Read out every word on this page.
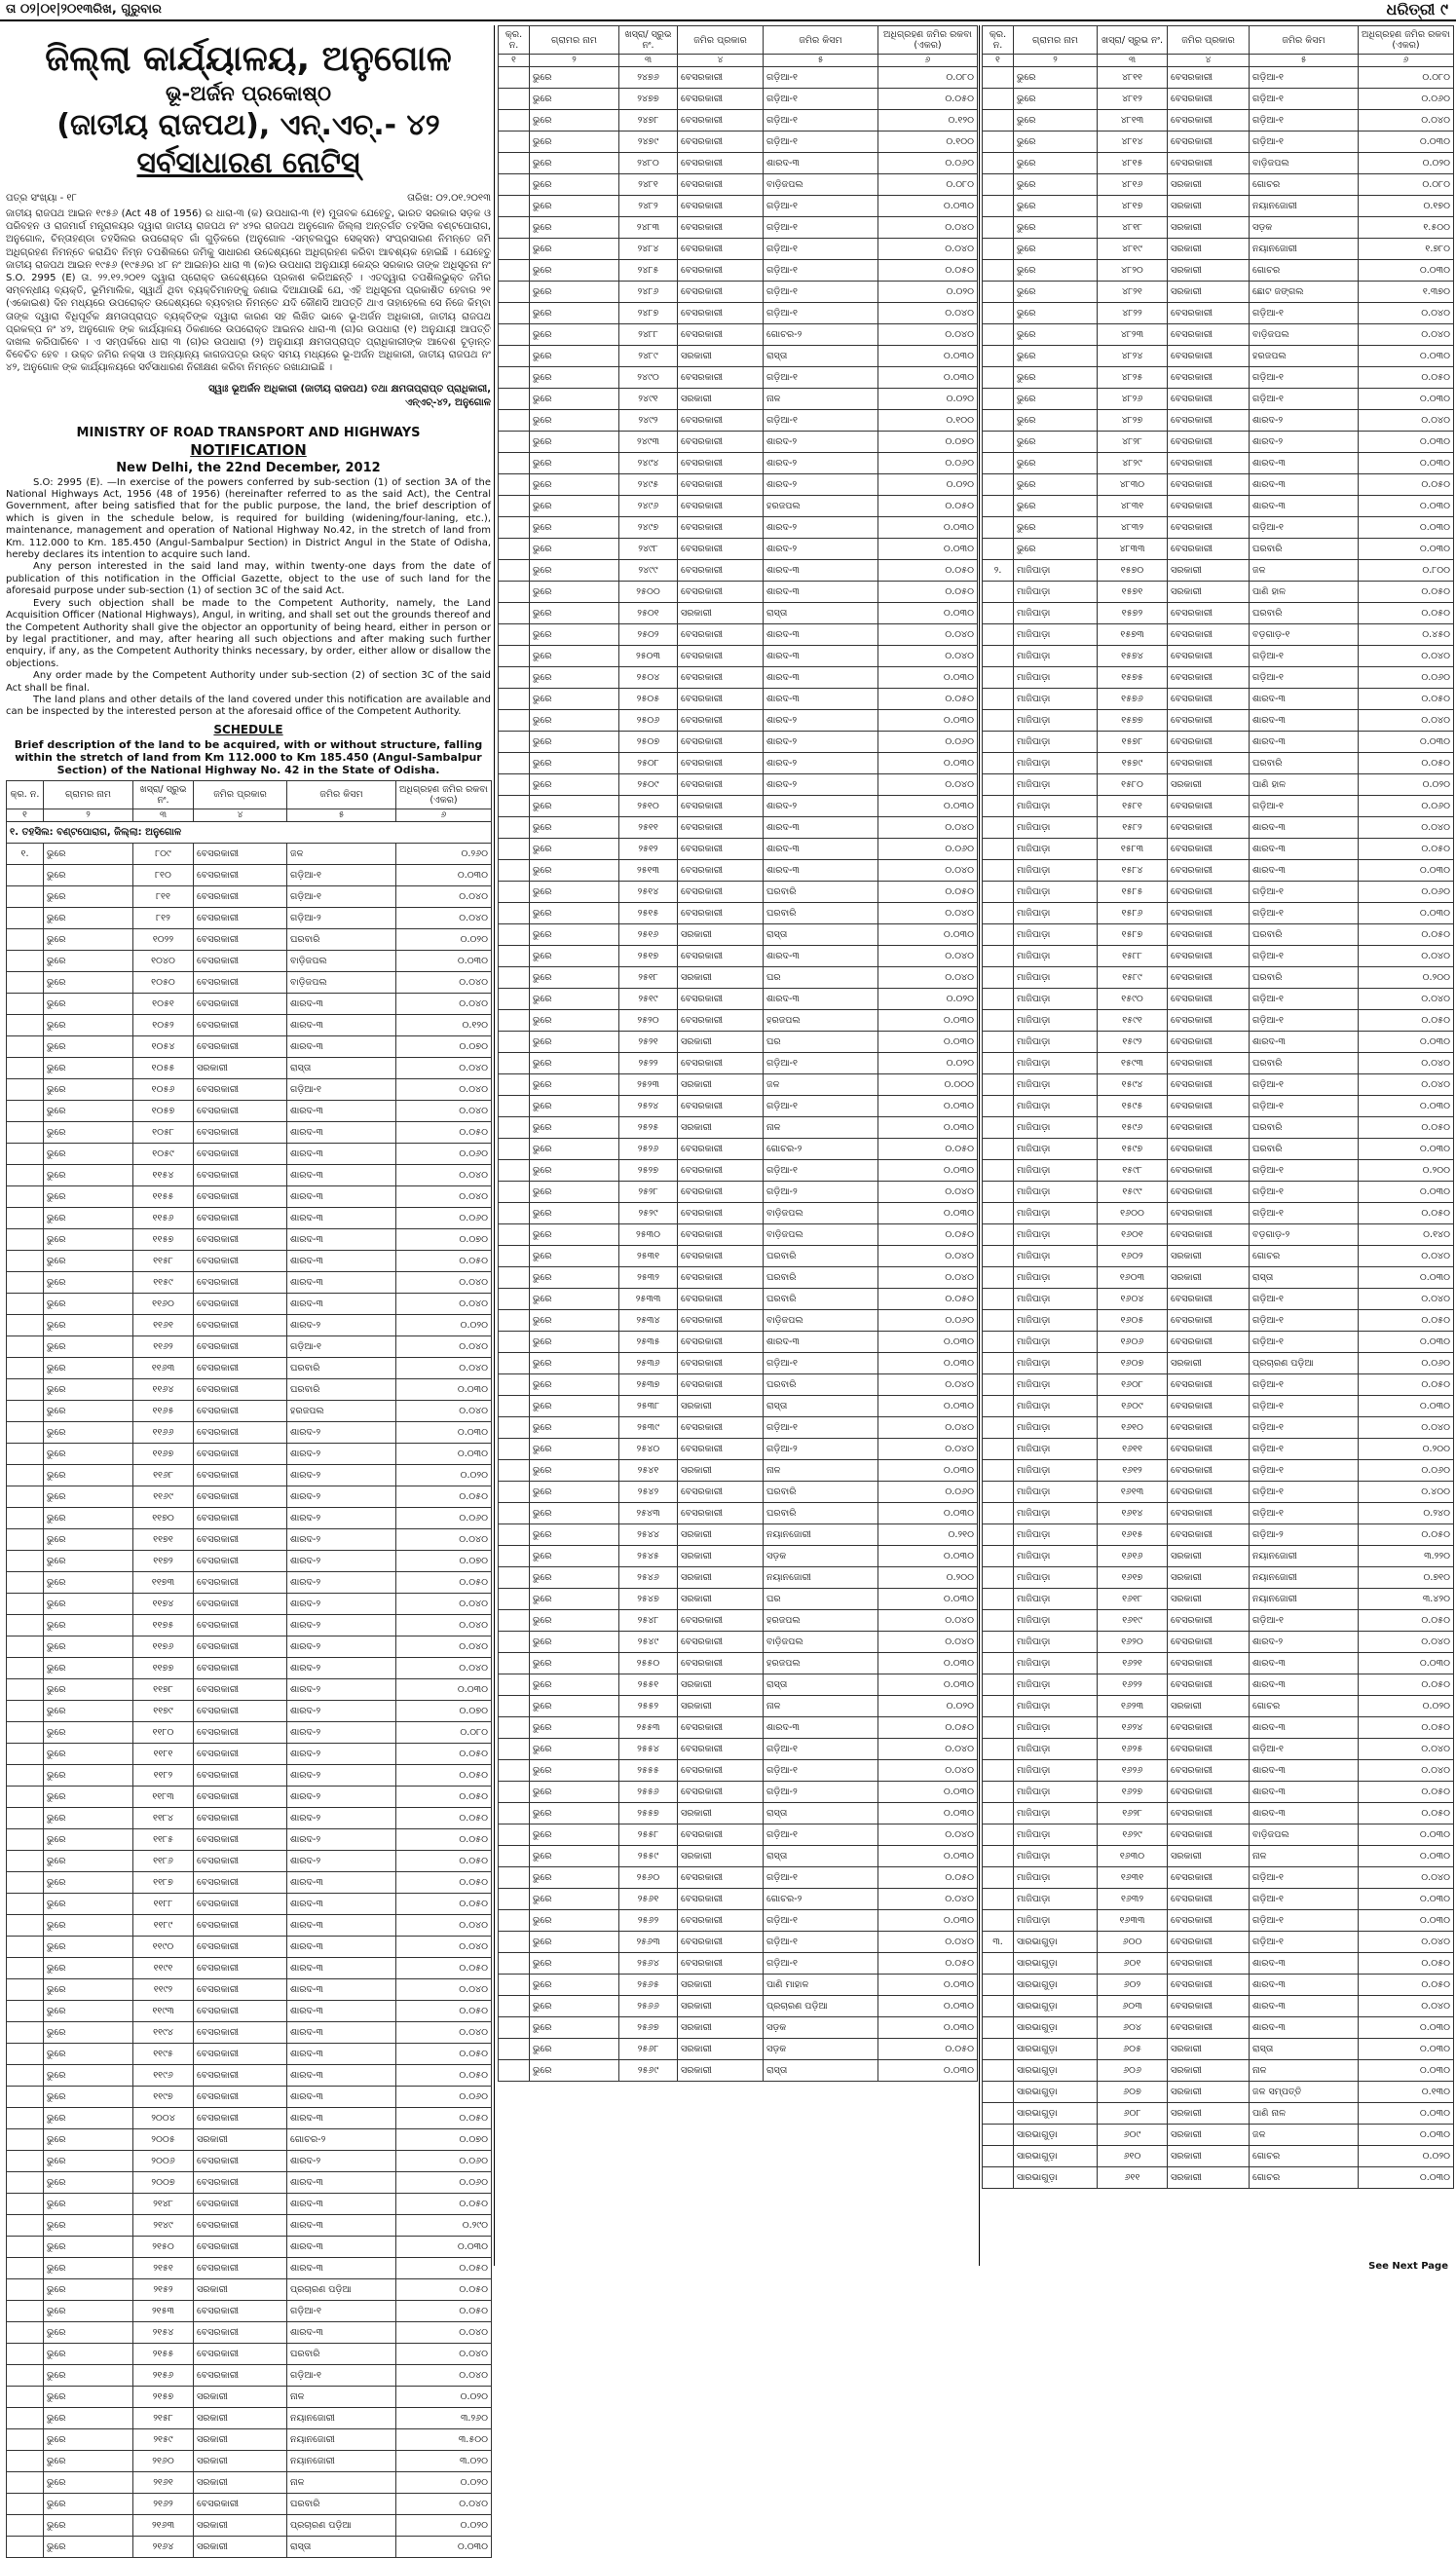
ତା ୦୨|୦୧|୨୦୧୩ରିଖ, ଗୁରୁବାର	ଧରିତ୍ରୀ ୯
ଜିଲ୍ଲା କାର୍ଯ୍ୟାଳୟ, ଅନୁଗୋଳ
ଭୂ-ଅର୍ଜନ ପ୍ରକୋଷ୍ଠ
(ଜାତୀୟ ରାଜପଥ), ଏନ୍.ଏଚ୍.- ୪୨
ସର୍ବସାଧାରଣ ନୋଟିସ୍
ପତ୍ର ସଂଖ୍ୟା - ୧୮	ତାରିଖ: ୦୨.୦୧.୨୦୧୩
ଜାତୀୟ ରାଜପଥ ଆଇନ ୧୯୫୬ (Act 48 of 1956) ର ଧାରା-୩ (କ) ଉପଧାରା-୩ (୧) ମୁତାବକ ଯେହେତୁ, ଭାରତ ସରକାର ସଡ଼କ ଓ ପରିବହନ ଓ ରାଜମାର୍ଗ ମନ୍ତ୍ରାଳୟର ଦ୍ୱାରା ଜାତୀୟ ରାଜପଥ ନଂ ୪୨ର ରାଜପଥ ଅନୁଗୋଳ ଜିଲ୍ଲା ଅନ୍ତର୍ଗତ ତହସିଲ ବଣ୍ଟପୋରାଗ, ଅନୁଗୋଳ, ଚିନ୍ତାହଣ୍ଡା ତହସିଲର ଉପରୋକ୍ତ ଗାଁ ଗୁଡ଼ିକରେ (ଅନୁଗୋଳ -ସମ୍ବଲପୁର ସେକ୍ସନ) ସଂପ୍ରସାରଣ ନିମନ୍ତେ ଜମି ଅଧିଗ୍ରହଣ ନିମନ୍ତେ କରାଯିବ ନିମ୍ନ ତପଶିଲରେ ଜମିକୁ ସାଧାରଣ ଉଦ୍ଦେଶ୍ୟରେ ଅଧିଗ୍ରହଣ କରିବା ଆବଶ୍ୟକ ହୋଇଛି । ଯେହେତୁ ଜାତୀୟ ରାଜପଥ ଆଇନ ୧୯୫୬ (୧୯୫୬ର ୪୮ ନଂ ଆଇନ)ର ଧାରା ୩ (କ)ର ଉପଧାରା ଅନୁଯାୟୀ କେନ୍ଦ୍ର ସରକାର ତାଙ୍କ ଅଧିସୂଚନା ନଂ S.O. 2995 (E) ତା. ୨୨.୧୨.୨୦୧୨ ଦ୍ୱାରା ପ୍ରୋକ୍ତ ଉଦ୍ଦେଶ୍ୟରେ ପ୍ରକାଶ କରିଅଛନ୍ତି । ଏତଦ୍ୱାରା ତପଶିଲଭୁକ୍ତ ଜମିର ସମ୍ବନ୍ଧୀୟ ବ୍ୟକ୍ତି, ଭୂମିମାଲିକ, ସ୍ୱାର୍ଥ ଥିବା ବ୍ୟକ୍ତିମାନଙ୍କୁ ଜଣାଇ ଦିଆଯାଉଛି ଯେ, ଏହି ଅଧିସୂଚନା ପ୍ରକାଶିତ ହେବାର ୨୧ (ଏକୋଇଶ) ଦିନ ମଧ୍ୟରେ ଉପରୋକ୍ତ ଉଦ୍ଦେଶ୍ୟରେ ବ୍ୟବହାର ନିମନ୍ତେ ଯଦି କୌଣସି ଆପତ୍ତି ଥାଏ ତାହାହେଲେ ସେ ନିଜେ କିମ୍ବା ତାଙ୍କ ଦ୍ୱାରା ବିଧିପୂର୍ବକ କ୍ଷମତାପ୍ରାପ୍ତ ବ୍ୟକ୍ତିଙ୍କ ଦ୍ୱାରା କାରଣ ସହ ଲିଖିତ ଭାବେ ଭୂ-ଅର୍ଜନ ଅଧିକାରୀ, ଜାତୀୟ ରାଜପଥ ପ୍ରକଳ୍ପ ନଂ ୪୨, ଅନୁଗୋଳ ଙ୍କ କାର୍ଯ୍ୟାଳୟ ଠିକଣାରେ ଉପରୋକ୍ତ ଆଇନର ଧାରା-୩ (ଗ)ର ଉପଧାରା (୧) ଅନୁଯାୟୀ ଆପତ୍ତି ଦାଖଲ କରିପାରିବେ । ଏ ସମ୍ପର୍କରେ ଧାରା ୩ (ଗ)ର ଉପଧାରା (୨) ଅନୁଯାୟୀ କ୍ଷମତାପ୍ରାପ୍ତ ପ୍ରାଧିକାରୀଙ୍କ ଆଦେଶ ଚୂଡ଼ାନ୍ତ ବିବେଚିତ ହେବ । ଉକ୍ତ ଜମିର ନକ୍ସା ଓ ଅନ୍ୟାନ୍ୟ କାଗଜପତ୍ର ଉକ୍ତ ସମୟ ମଧ୍ୟରେ ଭୂ-ଅର୍ଜନ ଅଧିକାରୀ, ଜାତୀୟ ରାଜପଥ ନଂ ୪୨, ଅନୁଗୋଳ ଙ୍କ କାର୍ଯ୍ୟାଳୟରେ ସର୍ବସାଧାରଣ ନିରୀକ୍ଷଣ କରିବା ନିମନ୍ତେ ରଖାଯାଇଛି ।
ସ୍ୱାଃ ଭୂଅର୍ଜନ ଅଧିକାରୀ (ଜାତୀୟ ରାଜପଥ) ତଥା କ୍ଷମତାପ୍ରାପ୍ତ ପ୍ରାଧିକାରୀ,
ଏନ୍ଏଚ୍-୪୨, ଅନୁଗୋଳ
MINISTRY OF ROAD TRANSPORT AND HIGHWAYS
NOTIFICATION
New Delhi, the 22nd December, 2012

S.O: 2995 (E). —In exercise of the powers conferred by sub-section (1) of section 3A of the National Highways Act, 1956 (48 of 1956) (hereinafter referred to as the said Act), the Central Government, after being satisfied that for the public purpose, the land, the brief description of which is given in the schedule below, is required for building (widening/four-laning, etc.), maintenance, management and operation of National Highway No.42, in the stretch of land from Km. 112.000 to Km. 185.450 (Angul-Sambalpur Section) in District Angul in the State of Odisha, hereby declares its intention to acquire such land.

Any person interested in the said land may, within twenty-one days from the date of publication of this notification in the Official Gazette, object to the use of such land for the aforesaid purpose under sub-section (1) of section 3C of the said Act.

Every such objection shall be made to the Competent Authority, namely, the Land Acquisition Officer (National Highways), Angul, in writing, and shall set out the grounds thereof and the Competent Authority shall give the objector an opportunity of being heard, either in person or by legal practitioner, and may, after hearing all such objections and after making such further enquiry, if any, as the Competent Authority thinks necessary, by order, either allow or disallow the objections.

Any order made by the Competent Authority under sub-section (2) of section 3C of the said Act shall be final.

The land plans and other details of the land covered under this notification are available and can be inspected by the interested person at the aforesaid office of the Competent Authority.

SCHEDULE
Brief description of the land to be acquired, with or without structure, falling within the stretch of land from Km 112.000 to Km 185.450 (Angul-Sambalpur Section) of the National Highway No. 42 in the State of Odisha.
କ୍ର. ନ.	ଗ୍ରାମର ନାମ	ଖସ୍ରା/ ସ୍ରୁଭ ନଂ.	ଜମିର ପ୍ରକାର	ଜମିର କିସମ	ଅଧିଗ୍ରହଣ ଜମିର ରକବା (ଏକର)
୧	୨	୩	୪	୫	୬
୧. ତହସିଲ: ବଣ୍ଟପୋରାଗ, ଜିଲ୍ଲା: ଅନୁଗୋଳ					
୧.	ଭୁରେ	୮୦୯	ବେସରକାରୀ	ଜଳ	୦.୨୬୦
	ଭୁରେ	୮୧୦	ବେସରକାରୀ	ଗଡ଼ିଆ-୧	୦.୦୩୦
	ଭୁରେ	୮୧୧	ବେସରକାରୀ	ଗଡ଼ିଆ-୧	୦.୦୪୦
	ଭୁରେ	୮୧୨	ବେସରକାରୀ	ଗଡ଼ିଆ-୨	୦.୦୪୦
	ଭୁରେ	୧୦୨୨	ବେସରକାରୀ	ଘରବାରି	୦.୦୨୦
	ଭୁରେ	୧୦୪୦	ବେସରକାରୀ	ବାଡ଼ିଜପଲ	୦.୦୩୦
	ଭୁରେ	୧୦୫୦	ବେସରକାରୀ	ବାଡ଼ିଜପଲ	୦.୦୪୦
	ଭୁରେ	୧୦୫୧	ବେସରକାରୀ	ଶାରଦ-୩	୦.୦୪୦
	ଭୁରେ	୧୦୫୨	ବେସରକାରୀ	ଶାରଦ-୩	୦.୧୨୦
	ଭୁରେ	୧୦୫୪	ବେସରକାରୀ	ଶାରଦ-୩	୦.୦୭୦
	ଭୁରେ	୧୦୫୫	ସରକାରୀ	ରାସ୍ତା	୦.୦୪୦
	ଭୁରେ	୧୦୫୬	ବେସରକାରୀ	ଗଡ଼ିଆ-୧	୦.୦୪୦
	ଭୁରେ	୧୦୫୭	ବେସରକାରୀ	ଶାରଦ-୩	୦.୦୪୦
	ଭୁରେ	୧୦୫୮	ବେସରକାରୀ	ଶାରଦ-୩	୦.୦୫୦
	ଭୁରେ	୧୦୫୯	ବେସରକାରୀ	ଶାରଦ-୩	୦.୦୬୦
	ଭୁରେ	୧୧୫୪	ବେସରକାରୀ	ଶାରଦ-୩	୦.୦୪୦
	ଭୁରେ	୧୧୫୫	ବେସରକାରୀ	ଶାରଦ-୩	୦.୦୪୦
	ଭୁରେ	୧୧୫୬	ବେସରକାରୀ	ଶାରଦ-୩	୦.୦୬୦
	ଭୁରେ	୧୧୫୭	ବେସରକାରୀ	ଶାରଦ-୩	୦.୦୭୦
	ଭୁରେ	୧୧୫୮	ବେସରକାରୀ	ଶାରଦ-୩	୦.୦୫୦
	ଭୁରେ	୧୧୫୯	ବେସରକାରୀ	ଶାରଦ-୩	୦.୦୪୦
	ଭୁରେ	୧୧୬୦	ବେସରକାରୀ	ଶାରଦ-୩	୦.୦୪୦
	ଭୁରେ	୧୧୬୧	ବେସରକାରୀ	ଶାରଦ-୨	୦.୦୨୦
	ଭୁରେ	୧୧୬୨	ବେସରକାରୀ	ଗଡ଼ିଆ-୧	୦.୦୪୦
	ଭୁରେ	୧୧୬୩	ବେସରକାରୀ	ଘରବାରି	୦.୦୪୦
	ଭୁରେ	୧୧୬୪	ବେସରକାରୀ	ଘରବାରି	୦.୦୩୦
	ଭୁରେ	୧୧୬୫	ବେସରକାରୀ	ହରଜପଲ	୦.୦୪୦
	ଭୁରେ	୧୧୬୬	ବେସରକାରୀ	ଶାରଦ-୨	୦.୦୩୦
	ଭୁରେ	୧୧୬୭	ବେସରକାରୀ	ଶାରଦ-୨	୦.୦୩୦
	ଭୁରେ	୧୧୬୮	ବେସରକାରୀ	ଶାରଦ-୨	୦.୦୨୦
	ଭୁରେ	୧୧୬୯	ବେସରକାରୀ	ଶାରଦ-୨	୦.୦୫୦
	ଭୁରେ	୧୧୭୦	ବେସରକାରୀ	ଶାରଦ-୨	୦.୦୬୦
	ଭୁରେ	୧୧୭୧	ବେସରକାରୀ	ଶାରଦ-୨	୦.୦୪୦
	ଭୁରେ	୧୧୭୨	ବେସରକାରୀ	ଶାରଦ-୨	୦.୦୭୦
	ଭୁରେ	୧୧୭୩	ବେସରକାରୀ	ଶାରଦ-୨	୦.୦୫୦
	ଭୁରେ	୧୧୭୪	ବେସରକାରୀ	ଶାରଦ-୨	୦.୦୪୦
	ଭୁରେ	୧୧୭୫	ବେସରକାରୀ	ଶାରଦ-୨	୦.୦୪୦
	ଭୁରେ	୧୧୭୬	ବେସରକାରୀ	ଶାରଦ-୨	୦.୦୪୦
	ଭୁରେ	୧୧୭୭	ବେସରକାରୀ	ଶାରଦ-୨	୦.୦୪୦
	ଭୁରେ	୧୧୭୮	ବେସରକାରୀ	ଶାରଦ-୨	୦.୦୩୦
	ଭୁରେ	୧୧୭୯	ବେସରକାରୀ	ଶାରଦ-୨	୦.୦୭୦
	ଭୁରେ	୧୧୮୦	ବେସରକାରୀ	ଶାରଦ-୨	୦.୦୮୦
	ଭୁରେ	୧୧୮୧	ବେସରକାରୀ	ଶାରଦ-୨	୦.୦୫୦
	ଭୁରେ	୧୧୮୨	ବେସରକାରୀ	ଶାରଦ-୨	୦.୦୫୦
	ଭୁରେ	୧୧୮୩	ବେସରକାରୀ	ଶାରଦ-୨	୦.୦୫୦
	ଭୁରେ	୧୧୮୪	ବେସରକାରୀ	ଶାରଦ-୨	୦.୦୫୦
	ଭୁରେ	୧୧୮୫	ବେସରକାରୀ	ଶାରଦ-୨	୦.୦୫୦
	ଭୁରେ	୧୧୮୬	ବେସରକାରୀ	ଶାରଦ-୨	୦.୦୫୦
	ଭୁରେ	୧୧୮୭	ବେସରକାରୀ	ଶାରଦ-୩	୦.୦୫୦
	ଭୁରେ	୧୧୮୮	ବେସରକାରୀ	ଶାରଦ-୩	୦.୦୫୦
	ଭୁରେ	୧୧୮୯	ବେସରକାରୀ	ଶାରଦ-୩	୦.୦୪୦
	ଭୁରେ	୧୧୯୦	ବେସରକାରୀ	ଶାରଦ-୩	୦.୦୪୦
	ଭୁରେ	୧୧୯୧	ବେସରକାରୀ	ଶାରଦ-୩	୦.୦୫୦
	ଭୁରେ	୧୧୯୨	ବେସରକାରୀ	ଶାରଦ-୩	୦.୦୪୦
	ଭୁରେ	୧୧୯୩	ବେସରକାରୀ	ଶାରଦ-୩	୦.୦୫୦
	ଭୁରେ	୧୧୯୪	ବେସରକାରୀ	ଶାରଦ-୩	୦.୦୪୦
	ଭୁରେ	୧୧୯୫	ବେସରକାରୀ	ଶାରଦ-୩	୦.୦୫୦
	ଭୁରେ	୧୧୯୬	ବେସରକାରୀ	ଶାରଦ-୩	୦.୦୫୦
	ଭୁରେ	୧୧୯୭	ବେସରକାରୀ	ଶାରଦ-୩	୦.୦୬୦
	ଭୁରେ	୨୦୦୪	ବେସରକାରୀ	ଶାରଦ-୩	୦.୦୫୦
	ଭୁରେ	୨୦୦୫	ସରକାରୀ	ଗୋଚର-୨	୦.୦୭୦
	ଭୁରେ	୨୦୦୬	ବେସରକାରୀ	ଶାରଦ-୨	୦.୦୬୦
	ଭୁରେ	୨୦୦୭	ବେସରକାରୀ	ଶାରଦ-୩	୦.୦୬୦
	ଭୁରେ	୨୧୪୮	ବେସରକାରୀ	ଶାରଦ-୩	୦.୦୫୦
	ଭୁରେ	୨୧୪୯	ବେସରକାରୀ	ଶାରଦ-୩	୦.୨୯୦
	ଭୁରେ	୨୧୫୦	ବେସରକାରୀ	ଶାରଦ-୩	୦.୦୩୦
	ଭୁରେ	୨୧୫୧	ବେସରକାରୀ	ଶାରଦ-୩	୦.୦୫୦
	ଭୁରେ	୨୧୫୨	ସରକାରୀ	ପ୍ରଚାରଣ ପଡ଼ିଆ	୦.୦୫୦
	ଭୁରେ	୨୧୫୩	ବେସରକାରୀ	ଗଡ଼ିଆ-୧	୦.୦୫୦
	ଭୁରେ	୨୧୫୪	ବେସରକାରୀ	ଶାରଦ-୩	୦.୦୪୦
	ଭୁରେ	୨୧୫୫	ବେସରକାରୀ	ଘରବାରି	୦.୦୪୦
	ଭୁରେ	୨୧୫୬	ବେସରକାରୀ	ଗଡ଼ିଆ-୧	୦.୦୪୦
	ଭୁରେ	୨୧୫୭	ସରକାରୀ	ନାଳ	୦.୦୨୦
	ଭୁରେ	୨୧୫୮	ସରକାରୀ	ନୟାନଜୋରୀ	୩.୨୬୦
	ଭୁରେ	୨୧୫୯	ସରକାରୀ	ନୟାନଜୋରୀ	୩.୫୦୦
	ଭୁରେ	୨୧୬୦	ସରକାରୀ	ନୟାନଜୋରୀ	୩.୦୨୦
	ଭୁରେ	୨୧୬୧	ସରକାରୀ	ନାଳ	୦.୦୨୦
	ଭୁରେ	୨୧୬୨	ବେସରକାରୀ	ଘରବାରି	୦.୦୪୦
	ଭୁରେ	୨୧୬୩	ସରକାରୀ	ପ୍ରଚାରଣ ପଡ଼ିଆ	୦.୦୨୦
	ଭୁରେ	୨୧୬୪	ସରକାରୀ	ରାସ୍ତା	୦.୦୩୦
କ୍ର. ନ.	ଗ୍ରାମର ନାମ	ଖସ୍ରା/ ସ୍ରୁଭ ନଂ.	ଜମିର ପ୍ରକାର	ଜମିର କିସମ	ଅଧିଗ୍ରହଣ ଜମିର ରକବା (ଏକର)
୧	୨	୩	୪	୫	୬
	ଭୁରେ	୨୪୭୬	ବେସରକାରୀ	ଗଡ଼ିଆ-୧	୦.୦୮୦
	ଭୁରେ	୨୪୭୭	ବେସରକାରୀ	ଗଡ଼ିଆ-୧	୦.୦୫୦
	ଭୁରେ	୨୪୭୮	ବେସରକାରୀ	ଗଡ଼ିଆ-୧	୦.୧୨୦
	ଭୁରେ	୨୪୭୯	ବେସରକାରୀ	ଗଡ଼ିଆ-୧	୦.୧୦୦
	ଭୁରେ	୨୪୮୦	ବେସରକାରୀ	ଶାରଦ-୩	୦.୦୬୦
	ଭୁରେ	୨୪୮୧	ବେସରକାରୀ	ବାଡ଼ିଜପଲ	୦.୦୮୦
	ଭୁରେ	୨୪୮୨	ବେସରକାରୀ	ଗଡ଼ିଆ-୧	୦.୦୩୦
	ଭୁରେ	୨୪୮୩	ବେସରକାରୀ	ଗଡ଼ିଆ-୧	୦.୦୪୦
	ଭୁରେ	୨୪୮୪	ବେସରକାରୀ	ଗଡ଼ିଆ-୧	୦.୦୪୦
	ଭୁରେ	୨୪୮୫	ବେସରକାରୀ	ଗଡ଼ିଆ-୧	୦.୦୫୦
	ଭୁରେ	୨୪୮୬	ବେସରକାରୀ	ଗଡ଼ିଆ-୧	୦.୦୨୦
	ଭୁରେ	୨୪୮୭	ବେସରକାରୀ	ଗଡ଼ିଆ-୧	୦.୦୪୦
	ଭୁରେ	୨୪୮୮	ବେସରକାରୀ	ଗୋଚର-୨	୦.୦୪୦
	ଭୁରେ	୨୪୮୯	ସରକାରୀ	ରାସ୍ତା	୦.୦୩୦
	ଭୁରେ	୨୪୯୦	ବେସରକାରୀ	ଗଡ଼ିଆ-୧	୦.୦୩୦
	ଭୁରେ	୨୪୯୧	ସରକାରୀ	ନାଳ	୦.୦୨୦
	ଭୁରେ	୨୪୯୨	ବେସରକାରୀ	ଗଡ଼ିଆ-୧	୦.୧୦୦
	ଭୁରେ	୨୪୯୩	ବେସରକାରୀ	ଶାରଦ-୨	୦.୦୭୦
	ଭୁରେ	୨୪୯୪	ବେସରକାରୀ	ଶାରଦ-୨	୦.୦୬୦
	ଭୁରେ	୨୪୯୫	ବେସରକାରୀ	ଶାରଦ-୨	୦.୦୨୦
	ଭୁରେ	୨୪୯୬	ବେସରକାରୀ	ହରଜପଲ	୦.୦୫୦
	ଭୁରେ	୨୪୯୭	ବେସରକାରୀ	ଶାରଦ-୨	୦.୦୩୦
	ଭୁରେ	୨୪୯୮	ବେସରକାରୀ	ଶାରଦ-୨	୦.୦୩୦
	ଭୁରେ	୨୪୯୯	ବେସରକାରୀ	ଶାରଦ-୩	୦.୦୫୦
	ଭୁରେ	୨୫୦୦	ବେସରକାରୀ	ଶାରଦ-୩	୦.୦୫୦
	ଭୁରେ	୨୫୦୧	ସରକାରୀ	ରାସ୍ତା	୦.୦୩୦
	ଭୁରେ	୨୫୦୨	ବେସରକାରୀ	ଶାରଦ-୩	୦.୦୪୦
	ଭୁରେ	୨୫୦୩	ବେସରକାରୀ	ଶାରଦ-୩	୦.୦୪୦
	ଭୁରେ	୨୫୦୪	ବେସରକାରୀ	ଶାରଦ-୩	୦.୦୩୦
	ଭୁରେ	୨୫୦୫	ବେସରକାରୀ	ଶାରଦ-୩	୦.୦୫୦
	ଭୁରେ	୨୫୦୬	ବେସରକାରୀ	ଶାରଦ-୨	୦.୦୩୦
	ଭୁରେ	୨୫୦୭	ବେସରକାରୀ	ଶାରଦ-୨	୦.୦୬୦
	ଭୁରେ	୨୫୦୮	ବେସରକାରୀ	ଶାରଦ-୨	୦.୦୩୦
	ଭୁରେ	୨୫୦୯	ବେସରକାରୀ	ଶାରଦ-୨	୦.୦୪୦
	ଭୁରେ	୨୫୧୦	ବେସରକାରୀ	ଶାରଦ-୨	୦.୦୩୦
	ଭୁରେ	୨୫୧୧	ବେସରକାରୀ	ଶାରଦ-୩	୦.୦୪୦
	ଭୁରେ	୨୫୧୨	ବେସରକାରୀ	ଶାରଦ-୩	୦.୦୬୦
	ଭୁରେ	୨୫୧୩	ବେସରକାରୀ	ଶାରଦ-୩	୦.୦୪୦
	ଭୁରେ	୨୫୧୪	ବେସରକାରୀ	ଘରବାରି	୦.୦୫୦
	ଭୁରେ	୨୫୧୫	ବେସରକାରୀ	ଘରବାରି	୦.୦୪୦
	ଭୁରେ	୨୫୧୬	ସରକାରୀ	ରାସ୍ତା	୦.୦୩୦
	ଭୁରେ	୨୫୧୭	ବେସରକାରୀ	ଶାରଦ-୩	୦.୦୪୦
	ଭୁରେ	୨୫୧୮	ସରକାରୀ	ଘର	୦.୦୪୦
	ଭୁରେ	୨୫୧୯	ବେସରକାରୀ	ଶାରଦ-୩	୦.୦୨୦
	ଭୁରେ	୨୫୨୦	ବେସରକାରୀ	ହରଜପଲ	୦.୦୩୦
	ଭୁରେ	୨୫୨୧	ସରକାରୀ	ଘର	୦.୦୩୦
	ଭୁରେ	୨୫୨୨	ବେସରକାରୀ	ଗଡ଼ିଆ-୧	୦.୦୨୦
	ଭୁରେ	୨୫୨୩	ସରକାରୀ	ଜଳ	୦.୦୦୦
	ଭୁରେ	୨୫୨୪	ବେସରକାରୀ	ଗଡ଼ିଆ-୧	୦.୦୩୦
	ଭୁରେ	୨୫୨୫	ସରକାରୀ	ନାଳ	୦.୦୩୦
	ଭୁରେ	୨୫୨୬	ବେସରକାରୀ	ଗୋଚର-୨	୦.୦୫୦
	ଭୁରେ	୨୫୨୭	ବେସରକାରୀ	ଗଡ଼ିଆ-୧	୦.୦୩୦
	ଭୁରେ	୨୫୨୮	ବେସରକାରୀ	ଗଡ଼ିଆ-୨	୦.୦୪୦
	ଭୁରେ	୨୫୨୯	ବେସରକାରୀ	ବାଡ଼ିଜପଲ	୦.୦୩୦
	ଭୁରେ	୨୫୩୦	ବେସରକାରୀ	ବାଡ଼ିଜପଲ	୦.୦୫୦
	ଭୁରେ	୨୫୩୧	ବେସରକାରୀ	ଘରବାରି	୦.୦୪୦
	ଭୁରେ	୨୫୩୨	ବେସରକାରୀ	ଘରବାରି	୦.୦୪୦
	ଭୁରେ	୨୫୩୩	ବେସରକାରୀ	ଘରବାରି	୦.୦୫୦
	ଭୁରେ	୨୫୩୪	ବେସରକାରୀ	ବାଡ଼ିଜପଲ	୦.୦୬୦
	ଭୁରେ	୨୫୩୫	ବେସରକାରୀ	ଶାରଦ-୩	୦.୦୩୦
	ଭୁରେ	୨୫୩୬	ବେସରକାରୀ	ଗଡ଼ିଆ-୧	୦.୦୩୦
	ଭୁରେ	୨୫୩୭	ବେସରକାରୀ	ଘରବାରି	୦.୦୪୦
	ଭୁରେ	୨୫୩୮	ସରକାରୀ	ରାସ୍ତା	୦.୦୩୦
	ଭୁରେ	୨୫୩୯	ବେସରକାରୀ	ଗଡ଼ିଆ-୧	୦.୦୪୦
	ଭୁରେ	୨୫୪୦	ବେସରକାରୀ	ଗଡ଼ିଆ-୨	୦.୦୪୦
	ଭୁରେ	୨୫୪୧	ସରକାରୀ	ନାଳ	୦.୦୩୦
	ଭୁରେ	୨୫୪୨	ବେସରକାରୀ	ଘରବାରି	୦.୦୬୦
	ଭୁରେ	୨୫୪୩	ବେସରକାରୀ	ଘରବାରି	୦.୦୩୦
	ଭୁରେ	୨୫୪୪	ସରକାରୀ	ନୟାନଜୋରୀ	୦.୨୧୦
	ଭୁରେ	୨୫୪୫	ସରକାରୀ	ସଡ଼କ	୦.୦୩୦
	ଭୁରେ	୨୫୪୬	ସରକାରୀ	ନୟାନଜୋରୀ	୦.୨୦୦
	ଭୁରେ	୨୫୪୭	ସରକାରୀ	ଘର	୦.୦୩୦
	ଭୁରେ	୨୫୪୮	ବେସରକାରୀ	ହରଜପଲ	୦.୦୪୦
	ଭୁରେ	୨୫୪୯	ବେସରକାରୀ	ବାଡ଼ିଜପଲ	୦.୦୪୦
	ଭୁରେ	୨୫୫୦	ବେସରକାରୀ	ହରଜପଲ	୦.୦୩୦
	ଭୁରେ	୨୫୫୧	ସରକାରୀ	ରାସ୍ତା	୦.୦୩୦
	ଭୁରେ	୨୫୫୨	ସରକାରୀ	ନାଳ	୦.୦୨୦
	ଭୁରେ	୨୫୫୩	ବେସରକାରୀ	ଶାରଦ-୩	୦.୦୫୦
	ଭୁରେ	୨୫୫୪	ବେସରକାରୀ	ଗଡ଼ିଆ-୧	୦.୦୪୦
	ଭୁରେ	୨୫୫୫	ବେସରକାରୀ	ଗଡ଼ିଆ-୧	୦.୦୪୦
	ଭୁରେ	୨୫୫୬	ବେସରକାରୀ	ଗଡ଼ିଆ-୨	୦.୦୩୦
	ଭୁରେ	୨୫୫୭	ସରକାରୀ	ରାସ୍ତା	୦.୦୩୦
	ଭୁରେ	୨୫୫୮	ବେସରକାରୀ	ଗଡ଼ିଆ-୧	୦.୦୪୦
	ଭୁରେ	୨୫୫୯	ସରକାରୀ	ରାସ୍ତା	୦.୦୩୦
	ଭୁରେ	୨୫୬୦	ବେସରକାରୀ	ଗଡ଼ିଆ-୧	୦.୦୫୦
	ଭୁରେ	୨୫୬୧	ବେସରକାରୀ	ଗୋଚର-୨	୦.୦୪୦
	ଭୁରେ	୨୫୬୨	ବେସରକାରୀ	ଗଡ଼ିଆ-୧	୦.୦୩୦
	ଭୁରେ	୨୫୬୩	ବେସରକାରୀ	ଗଡ଼ିଆ-୧	୦.୦୪୦
	ଭୁରେ	୨୫୬୪	ବେସରକାରୀ	ଗଡ଼ିଆ-୧	୦.୦୫୦
	ଭୁରେ	୨୫୬୫	ସରକାରୀ	ପାଣି ମାହାଳ	୦.୦୩୦
	ଭୁରେ	୨୫୬୬	ସରକାରୀ	ପ୍ରଚାରଣ ପଡ଼ିଆ	୦.୦୩୦
	ଭୁରେ	୨୫୬୭	ସରକାରୀ	ସଡ଼କ	୦.୦୩୦
	ଭୁରେ	୨୫୬୮	ସରକାରୀ	ସଡ଼କ	୦.୦୫୦
	ଭୁରେ	୨୫୬୯	ସରକାରୀ	ରାସ୍ତା	୦.୦୩୦
କ୍ର. ନ.	ଗ୍ରାମର ନାମ	ଖସ୍ରା/ ସ୍ରୁଭ ନଂ.	ଜମିର ପ୍ରକାର	ଜମିର କିସମ	ଅଧିଗ୍ରହଣ ଜମିର ରକବା (ଏକର)
୧	୨	୩	୪	୫	୬
	ଭୁରେ	୪୮୧୧	ବେସରକାରୀ	ଗଡ଼ିଆ-୧	୦.୦୮୦
	ଭୁରେ	୪୮୧୨	ବେସରକାରୀ	ଗଡ଼ିଆ-୧	୦.୦୬୦
	ଭୁରେ	୪୮୧୩	ବେସରକାରୀ	ଗଡ଼ିଆ-୧	୦.୦୪୦
	ଭୁରେ	୪୮୧୪	ବେସରକାରୀ	ଗଡ଼ିଆ-୧	୦.୦୩୦
	ଭୁରେ	୪୮୧୫	ବେସରକାରୀ	ବାଡ଼ିଜପଲ	୦.୦୨୦
	ଭୁରେ	୪୮୧୬	ସରକାରୀ	ଗୋଚର	୦.୦୮୦
	ଭୁରେ	୪୮୧୭	ସରକାରୀ	ନୟାନଜୋରୀ	୦.୧୭୦
	ଭୁରେ	୪୮୧୮	ସରକାରୀ	ସଡ଼କ	୧.୫୦୦
	ଭୁରେ	୪୮୧୯	ସରକାରୀ	ନୟାନଜୋରୀ	୧.୭୮୦
	ଭୁରେ	୪୮୨୦	ସରକାରୀ	ଗୋଚର	୦.୦୩୦
	ଭୁରେ	୪୮୨୧	ସରକାରୀ	ଛୋଟ ଜଙ୍ଗଲ	୧.୩୭୦
	ଭୁରେ	୪୮୨୨	ବେସରକାରୀ	ଗଡ଼ିଆ-୧	୦.୦୪୦
	ଭୁରେ	୪୮୨୩	ବେସରକାରୀ	ବାଡ଼ିଜପଲ	୦.୦୪୦
	ଭୁରେ	୪୮୨୪	ବେସରକାରୀ	ହରଜପଲ	୦.୦୩୦
	ଭୁରେ	୪୮୨୫	ବେସରକାରୀ	ଗଡ଼ିଆ-୧	୦.୦୫୦
	ଭୁରେ	୪୮୨୬	ବେସରକାରୀ	ଗଡ଼ିଆ-୧	୦.୦୩୦
	ଭୁରେ	୪୮୨୭	ବେସରକାରୀ	ଶାରଦ-୨	୦.୦୪୦
	ଭୁରେ	୪୮୨୮	ବେସରକାରୀ	ଶାରଦ-୨	୦.୦୩୦
	ଭୁରେ	୪୮୨୯	ବେସରକାରୀ	ଶାରଦ-୩	୦.୦୩୦
	ଭୁରେ	୪୮୩୦	ବେସରକାରୀ	ଶାରଦ-୩	୦.୦୫୦
	ଭୁରେ	୪୮୩୧	ବେସରକାରୀ	ଶାରଦ-୩	୦.୦୩୦
	ଭୁରେ	୪୮୩୨	ବେସରକାରୀ	ଗଡ଼ିଆ-୧	୦.୦୩୦
	ଭୁରେ	୪୮୩୩	ବେସରକାରୀ	ଘରବାରି	୦.୦୩୦
୨.	ମାଜିପାଡ଼ା	୧୫୭୦	ସରକାରୀ	ଜଳ	୦.୮୦୦
	ମାଜିପାଡ଼ା	୧୫୭୧	ସରକାରୀ	ପାଣି ହାଳ	୦.୦୫୦
	ମାଜିପାଡ଼ା	୧୫୭୨	ବେସରକାରୀ	ଘରବାରି	୦.୦୫୦
	ମାଜିପାଡ଼ା	୧୫୭୩	ବେସରକାରୀ	ବଡ଼ଗାଡ଼-୧	୦.୪୫୦
	ମାଜିପାଡ଼ା	୧୫୭୪	ବେସରକାରୀ	ଗଡ଼ିଆ-୧	୦.୦୪୦
	ମାଜିପାଡ଼ା	୧୫୭୫	ବେସରକାରୀ	ଗଡ଼ିଆ-୧	୦.୦୬୦
	ମାଜିପାଡ଼ା	୧୫୭୬	ବେସରକାରୀ	ଶାରଦ-୩	୦.୦୫୦
	ମାଜିପାଡ଼ା	୧୫୭୭	ବେସରକାରୀ	ଶାରଦ-୩	୦.୦୪୦
	ମାଜିପାଡ଼ା	୧୫୭୮	ବେସରକାରୀ	ଶାରଦ-୩	୦.୦୩୦
	ମାଜିପାଡ଼ା	୧୫୭୯	ବେସରକାରୀ	ଘରବାରି	୦.୦୫୦
	ମାଜିପାଡ଼ା	୧୫୮୦	ସରକାରୀ	ପାଣି ହାଳ	୦.୦୨୦
	ମାଜିପାଡ଼ା	୧୫୮୧	ବେସରକାରୀ	ଗଡ଼ିଆ-୧	୦.୦୬୦
	ମାଜିପାଡ଼ା	୧୫୮୨	ବେସରକାରୀ	ଶାରଦ-୩	୦.୦୪୦
	ମାଜିପାଡ଼ା	୧୫୮୩	ବେସରକାରୀ	ଶାରଦ-୩	୦.୦୫୦
	ମାଜିପାଡ଼ା	୧୫୮୪	ବେସରକାରୀ	ଶାରଦ-୩	୦.୦୩୦
	ମାଜିପାଡ଼ା	୧୫୮୫	ବେସରକାରୀ	ଗଡ଼ିଆ-୧	୦.୦୬୦
	ମାଜିପାଡ଼ା	୧୫୮୬	ବେସରକାରୀ	ଗଡ଼ିଆ-୧	୦.୦୩୦
	ମାଜିପାଡ଼ା	୧୫୮୭	ବେସରକାରୀ	ଘରବାରି	୦.୦୫୦
	ମାଜିପାଡ଼ା	୧୫୮୮	ବେସରକାରୀ	ଗଡ଼ିଆ-୧	୦.୦୪୦
	ମାଜିପାଡ଼ା	୧୫୮୯	ବେସରକାରୀ	ଘରବାରି	୦.୨୦୦
	ମାଜିପାଡ଼ା	୧୫୯୦	ବେସରକାରୀ	ଗଡ଼ିଆ-୧	୦.୦୪୦
	ମାଜିପାଡ଼ା	୧୫୯୧	ବେସରକାରୀ	ଗଡ଼ିଆ-୧	୦.୦୫୦
	ମାଜିପାଡ଼ା	୧୫୯୨	ବେସରକାରୀ	ଶାରଦ-୩	୦.୦୩୦
	ମାଜିପାଡ଼ା	୧୫୯୩	ବେସରକାରୀ	ଘରବାରି	୦.୦୪୦
	ମାଜିପାଡ଼ା	୧୫୯୪	ବେସରକାରୀ	ଗଡ଼ିଆ-୧	୦.୦୪୦
	ମାଜିପାଡ଼ା	୧୫୯୫	ବେସରକାରୀ	ଗଡ଼ିଆ-୧	୦.୦୩୦
	ମାଜିପାଡ଼ା	୧୫୯୬	ବେସରକାରୀ	ଘରବାରି	୦.୦୫୦
	ମାଜିପାଡ଼ା	୧୫୯୭	ବେସରକାରୀ	ଘରବାରି	୦.୦୩୦
	ମାଜିପାଡ଼ା	୧୫୯୮	ବେସରକାରୀ	ଗଡ଼ିଆ-୧	୦.୨୦୦
	ମାଜିପାଡ଼ା	୧୫୯୯	ବେସରକାରୀ	ଗଡ଼ିଆ-୧	୦.୦୩୦
	ମାଜିପାଡ଼ା	୧୬୦୦	ବେସରକାରୀ	ଗଡ଼ିଆ-୧	୦.୦୫୦
	ମାଜିପାଡ଼ା	୧୬୦୧	ବେସରକାରୀ	ବଡ଼ଗାଡ଼-୨	୦.୧୪୦
	ମାଜିପାଡ଼ା	୧୬୦୨	ସରକାରୀ	ଗୋଚର	୦.୦୪୦
	ମାଜିପାଡ଼ା	୧୬୦୩	ସରକାରୀ	ରାସ୍ତା	୦.୦୩୦
	ମାଜିପାଡ଼ା	୧୬୦୪	ବେସରକାରୀ	ଗଡ଼ିଆ-୧	୦.୦୪୦
	ମାଜିପାଡ଼ା	୧୬୦୫	ବେସରକାରୀ	ଗଡ଼ିଆ-୧	୦.୦୫୦
	ମାଜିପାଡ଼ା	୧୬୦୬	ବେସରକାରୀ	ଗଡ଼ିଆ-୧	୦.୦୩୦
	ମାଜିପାଡ଼ା	୧୬୦୭	ସରକାରୀ	ପ୍ରଚାରଣ ପଡ଼ିଆ	୦.୦୬୦
	ମାଜିପାଡ଼ା	୧୬୦୮	ବେସରକାରୀ	ଗଡ଼ିଆ-୧	୦.୦୫୦
	ମାଜିପାଡ଼ା	୧୬୦୯	ବେସରକାରୀ	ଗଡ଼ିଆ-୧	୦.୦୩୦
	ମାଜିପାଡ଼ା	୧୬୧୦	ବେସରକାରୀ	ଗଡ଼ିଆ-୧	୦.୦୪୦
	ମାଜିପାଡ଼ା	୧୬୧୧	ବେସରକାରୀ	ଗଡ଼ିଆ-୧	୦.୨୦୦
	ମାଜିପାଡ଼ା	୧୬୧୨	ବେସରକାରୀ	ଗଡ଼ିଆ-୧	୦.୦୬୦
	ମାଜିପାଡ଼ା	୧୬୧୩	ବେସରକାରୀ	ଗଡ଼ିଆ-୧	୦.୪୦୦
	ମାଜିପାଡ଼ା	୧୬୧୪	ବେସରକାରୀ	ଗଡ଼ିଆ-୧	୦.୨୪୦
	ମାଜିପାଡ଼ା	୧୬୧୫	ବେସରକାରୀ	ଗଡ଼ିଆ-୨	୦.୦୫୦
	ମାଜିପାଡ଼ା	୧୬୧୬	ସରକାରୀ	ନୟାନଜୋରୀ	୩.୨୨୦
	ମାଜିପାଡ଼ା	୧୬୧୭	ସରକାରୀ	ନୟାନଜୋରୀ	୦.୭୧୦
	ମାଜିପାଡ଼ା	୧୬୧୮	ସରକାରୀ	ନୟାନଜୋରୀ	୩.୪୨୦
	ମାଜିପାଡ଼ା	୧୬୧୯	ବେସରକାରୀ	ଗଡ଼ିଆ-୧	୦.୦୫୦
	ମାଜିପାଡ଼ା	୧୬୨୦	ବେସରକାରୀ	ଶାରଦ-୨	୦.୦୪୦
	ମାଜିପାଡ଼ା	୧୬୨୧	ବେସରକାରୀ	ଶାରଦ-୩	୦.୦୩୦
	ମାଜିପାଡ଼ା	୧୬୨୨	ବେସରକାରୀ	ଶାରଦ-୩	୦.୦୫୦
	ମାଜିପାଡ଼ା	୧୬୨୩	ସରକାରୀ	ଗୋଚର	୦.୦୨୦
	ମାଜିପାଡ଼ା	୧୬୨୪	ବେସରକାରୀ	ଶାରଦ-୩	୦.୦୫୦
	ମାଜିପାଡ଼ା	୧୬୨୫	ବେସରକାରୀ	ଗଡ଼ିଆ-୧	୦.୦୪୦
	ମାଜିପାଡ଼ା	୧୬୨୬	ବେସରକାରୀ	ଶାରଦ-୩	୦.୦୪୦
	ମାଜିପାଡ଼ା	୧୬୨୭	ବେସରକାରୀ	ଶାରଦ-୩	୦.୦୫୦
	ମାଜିପାଡ଼ା	୧୬୨୮	ବେସରକାରୀ	ଶାରଦ-୩	୦.୦୫୦
	ମାଜିପାଡ଼ା	୧୬୨୯	ବେସରକାରୀ	ବାଡ଼ିଜପଲ	୦.୦୩୦
	ମାଜିପାଡ଼ା	୧୬୩୦	ସରକାରୀ	ନାଳ	୦.୦୩୦
	ମାଜିପାଡ଼ା	୧୬୩୧	ବେସରକାରୀ	ଗଡ଼ିଆ-୧	୦.୦୪୦
	ମାଜିପାଡ଼ା	୧୬୩୨	ବେସରକାରୀ	ଗଡ଼ିଆ-୧	୦.୦୩୦
	ମାଜିପାଡ଼ା	୧୬୩୩	ବେସରକାରୀ	ଗଡ଼ିଆ-୧	୦.୦୩୦
୩.	ସାରଭାଗୁଡ଼ା	୬୦୦	ବେସରକାରୀ	ଗଡ଼ିଆ-୧	୦.୦୪୦
	ସାରଭାଗୁଡ଼ା	୬୦୧	ବେସରକାରୀ	ଶାରଦ-୩	୦.୦୫୦
	ସାରଭାଗୁଡ଼ା	୬୦୨	ବେସରକାରୀ	ଶାରଦ-୩	୦.୦୫୦
	ସାରଭାଗୁଡ଼ା	୬୦୩	ବେସରକାରୀ	ଶାରଦ-୩	୦.୦୪୦
	ସାରଭାଗୁଡ଼ା	୬୦୪	ବେସରକାରୀ	ଶାରଦ-୩	୦.୦୩୦
	ସାରଭାଗୁଡ଼ା	୬୦୫	ସରକାରୀ	ରାସ୍ତା	୦.୦୩୦
	ସାରଭାଗୁଡ଼ା	୬୦୬	ସରକାରୀ	ନାଳ	୦.୦୩୦
	ସାରଭାଗୁଡ଼ା	୬୦୭	ସରକାରୀ	ଜଳ ସମ୍ପତ୍ତି	୦.୧୩୦
	ସାରଭାଗୁଡ଼ା	୬୦୮	ସରକାରୀ	ପାଣି ନାଳ	୦.୦୩୦
	ସାରଭାଗୁଡ଼ା	୬୦୯	ସରକାରୀ	ଜଳ	୦.୦୩୦
	ସାରଭାଗୁଡ଼ା	୬୧୦	ସରକାରୀ	ଗୋଚର	୦.୦୨୦
	ସାରଭାଗୁଡ଼ା	୬୧୧	ସରକାରୀ	ଗୋଚର	୦.୦୩୦
See Next Page
